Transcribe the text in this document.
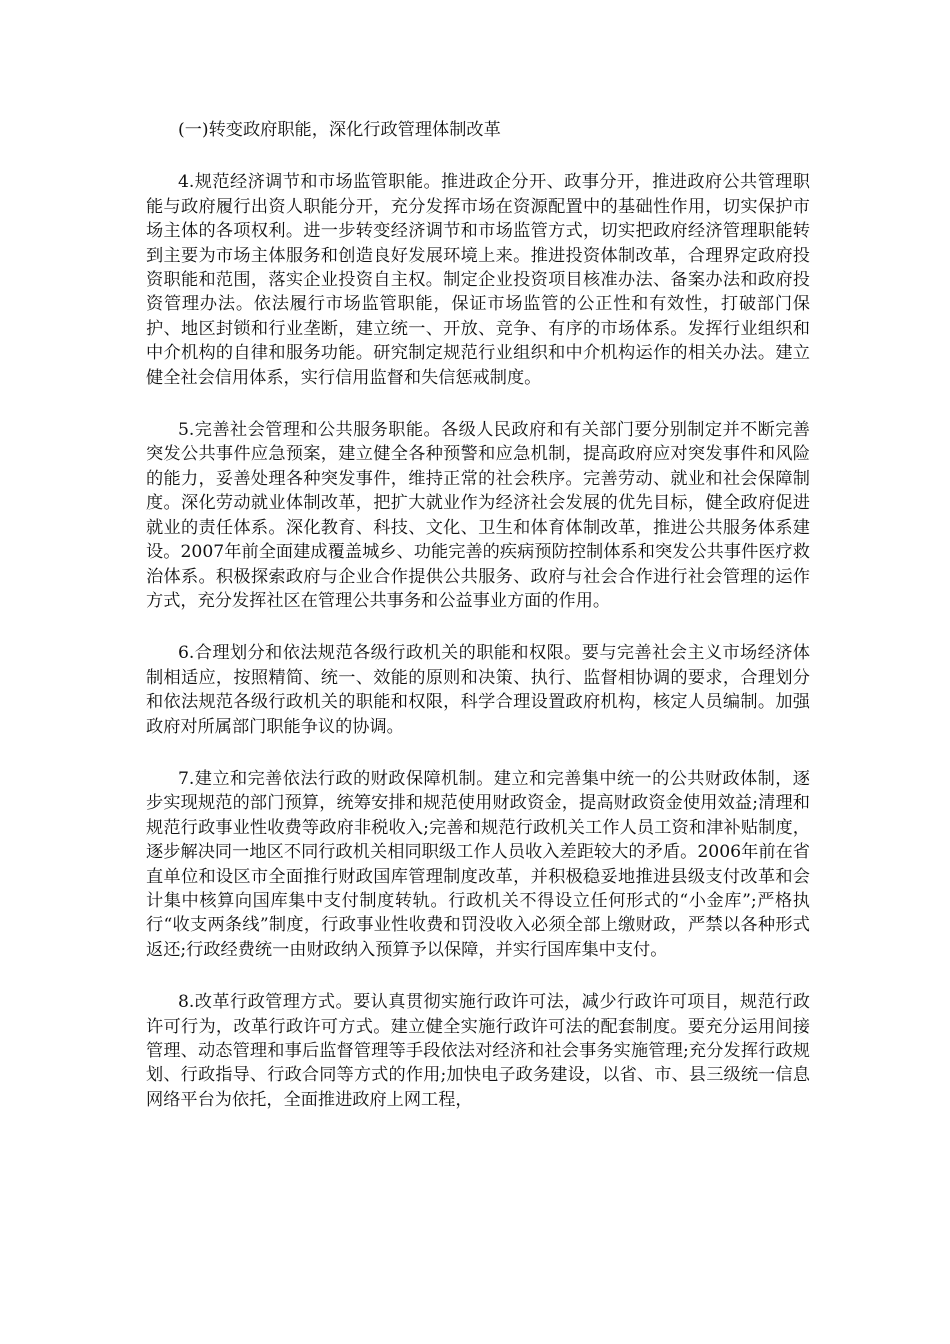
(一)转变政府职能，深化行政管理体制改革

4.规范经济调节和市场监管职能。推进政企分开、政事分开，推进政府公共管理职能与政府履行出资人职能分开，充分发挥市场在资源配置中的基础性作用，切实保护市场主体的各项权利。进一步转变经济调节和市场监管方式，切实把政府经济管理职能转到主要为市场主体服务和创造良好发展环境上来。推进投资体制改革，合理界定政府投资职能和范围，落实企业投资自主权。制定企业投资项目核准办法、备案办法和政府投资管理办法。依法履行市场监管职能，保证市场监管的公正性和有效性，打破部门保护、地区封锁和行业垄断，建立统一、开放、竞争、有序的市场体系。发挥行业组织和中介机构的自律和服务功能。研究制定规范行业组织和中介机构运作的相关办法。建立健全社会信用体系，实行信用监督和失信惩戒制度。

5.完善社会管理和公共服务职能。各级人民政府和有关部门要分别制定并不断完善突发公共事件应急预案，建立健全各种预警和应急机制，提高政府应对突发事件和风险的能力，妥善处理各种突发事件，维持正常的社会秩序。完善劳动、就业和社会保障制度。深化劳动就业体制改革，把扩大就业作为经济社会发展的优先目标，健全政府促进就业的责任体系。深化教育、科技、文化、卫生和体育体制改革，推进公共服务体系建设。2007年前全面建成覆盖城乡、功能完善的疾病预防控制体系和突发公共事件医疗救治体系。积极探索政府与企业合作提供公共服务、政府与社会合作进行社会管理的运作方式，充分发挥社区在管理公共事务和公益事业方面的作用。

6.合理划分和依法规范各级行政机关的职能和权限。要与完善社会主义市场经济体制相适应，按照精简、统一、效能的原则和决策、执行、监督相协调的要求，合理划分和依法规范各级行政机关的职能和权限，科学合理设置政府机构，核定人员编制。加强政府对所属部门职能争议的协调。

7.建立和完善依法行政的财政保障机制。建立和完善集中统一的公共财政体制，逐步实现规范的部门预算，统筹安排和规范使用财政资金，提高财政资金使用效益;清理和规范行政事业性收费等政府非税收入;完善和规范行政机关工作人员工资和津补贴制度，逐步解决同一地区不同行政机关相同职级工作人员收入差距较大的矛盾。2006年前在省直单位和设区市全面推行财政国库管理制度改革，并积极稳妥地推进县级支付改革和会计集中核算向国库集中支付制度转轨。行政机关不得设立任何形式的“小金库”;严格执行“收支两条线”制度，行政事业性收费和罚没收入必须全部上缴财政，严禁以各种形式返还;行政经费统一由财政纳入预算予以保障，并实行国库集中支付。

8.改革行政管理方式。要认真贯彻实施行政许可法，减少行政许可项目，规范行政许可行为，改革行政许可方式。建立健全实施行政许可法的配套制度。要充分运用间接管理、动态管理和事后监督管理等手段依法对经济和社会事务实施管理;充分发挥行政规划、行政指导、行政合同等方式的作用;加快电子政务建设，以省、市、县三级统一信息网络平台为依托，全面推进政府上网工程，
